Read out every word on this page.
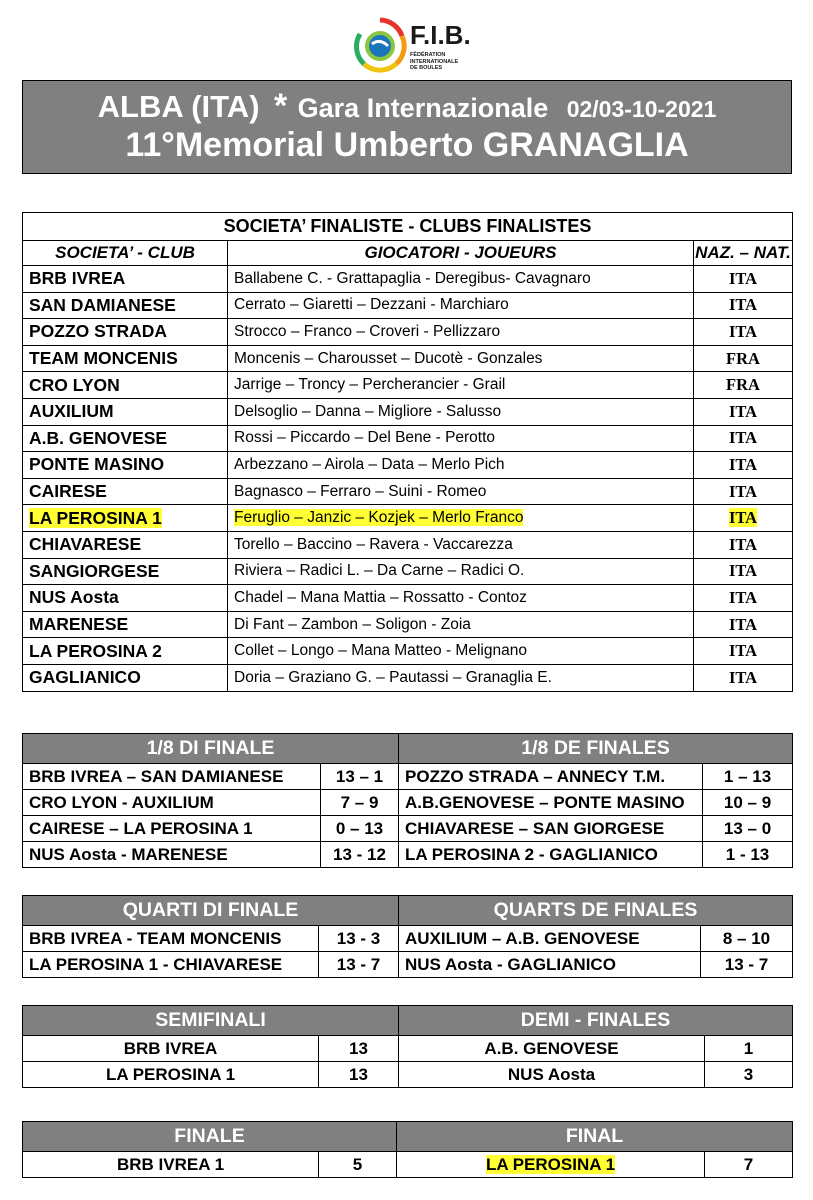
F.I.B.
FÉDÉRATION
INTERNATIONALE
DE BOULES
ALBA (ITA) * Gara Internazionale 02/03-10-2021
11°Memorial Umberto GRANAGLIA
SOCIETA’ FINALISTE - CLUBS FINALISTES		
SOCIETA’ - CLUB	GIOCATORI - JOUEURS	NAZ. – NAT.
BRB IVREA	Ballabene C. - Grattapaglia - Deregibus- Cavagnaro	ITA
SAN DAMIANESE	Cerrato – Giaretti – Dezzani - Marchiaro	ITA
POZZO STRADA	Strocco – Franco – Croveri - Pellizzaro	ITA
TEAM MONCENIS	Moncenis – Charousset – Ducotè - Gonzales	FRA
CRO LYON	Jarrige – Troncy – Percherancier - Grail	FRA
AUXILIUM	Delsoglio – Danna – Migliore - Salusso	ITA
A.B. GENOVESE	Rossi – Piccardo – Del Bene - Perotto	ITA
PONTE MASINO	Arbezzano – Airola – Data – Merlo Pich	ITA
CAIRESE	Bagnasco – Ferraro – Suini - Romeo	ITA
LA PEROSINA 1	Feruglio – Janzic – Kozjek – Merlo Franco	ITA
CHIAVARESE	Torello – Baccino – Ravera - Vaccarezza	ITA
SANGIORGESE	Riviera – Radici L. – Da Carne – Radici O.	ITA
NUS Aosta	Chadel – Mana Mattia – Rossatto - Contoz	ITA
MARENESE	Di Fant – Zambon – Soligon - Zoia	ITA
LA PEROSINA 2	Collet – Longo – Mana Matteo - Melignano	ITA
GAGLIANICO	Doria – Graziano G. – Pautassi – Granaglia E.	ITA
1/8 DI FINALE		1/8 DE FINALES	
BRB IVREA – SAN DAMIANESE	13 – 1	POZZO STRADA – ANNECY T.M.	1 – 13
CRO LYON - AUXILIUM	7 – 9	A.B.GENOVESE – PONTE MASINO	10 – 9
CAIRESE – LA PEROSINA 1	0 – 13	CHIAVARESE – SAN GIORGESE	13 – 0
NUS Aosta - MARENESE	13 - 12	LA PEROSINA 2 - GAGLIANICO	1 - 13
QUARTI DI FINALE		QUARTS DE FINALES	
BRB IVREA - TEAM MONCENIS	13 - 3	AUXILIUM – A.B. GENOVESE	8 – 10
LA PEROSINA 1 - CHIAVARESE	13 - 7	NUS Aosta - GAGLIANICO	13 - 7
SEMIFINALI		DEMI - FINALES	
BRB IVREA	13	A.B. GENOVESE	1
LA PEROSINA 1	13	NUS Aosta	3
FINALE		FINAL	
BRB IVREA 1	5	LA PEROSINA 1	7
